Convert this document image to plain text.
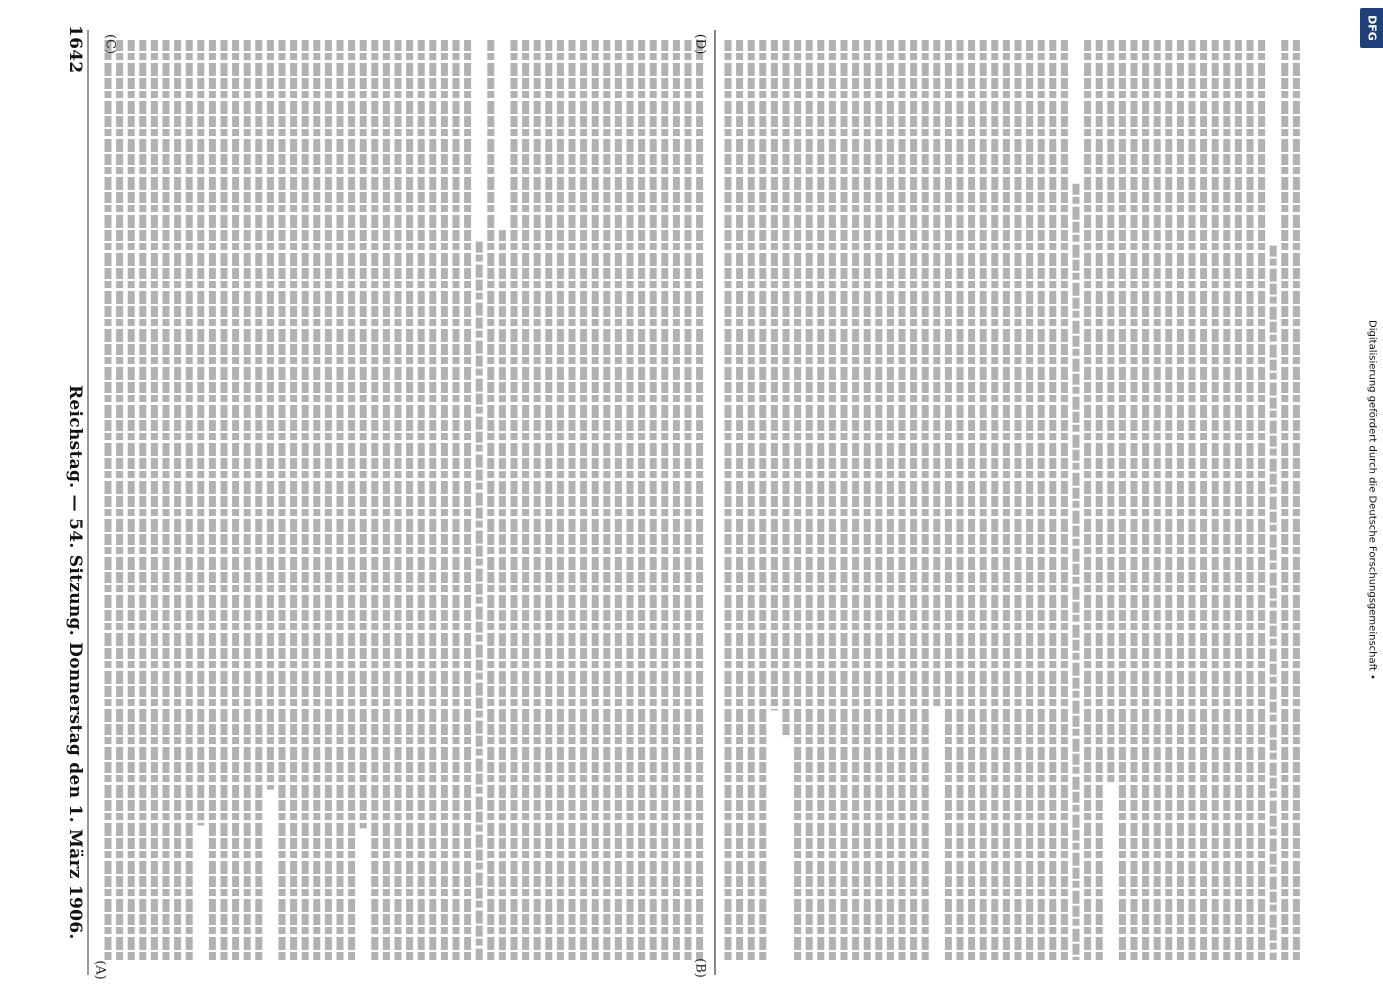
1642
Reichstag. — 54. Sitzung. Donnerstag den 1. März 1906.
(A)	(B)
(C)	(D)
DFG
Digitalisierung gefördert durch die Deutsche Forschungsgemeinschaft •
